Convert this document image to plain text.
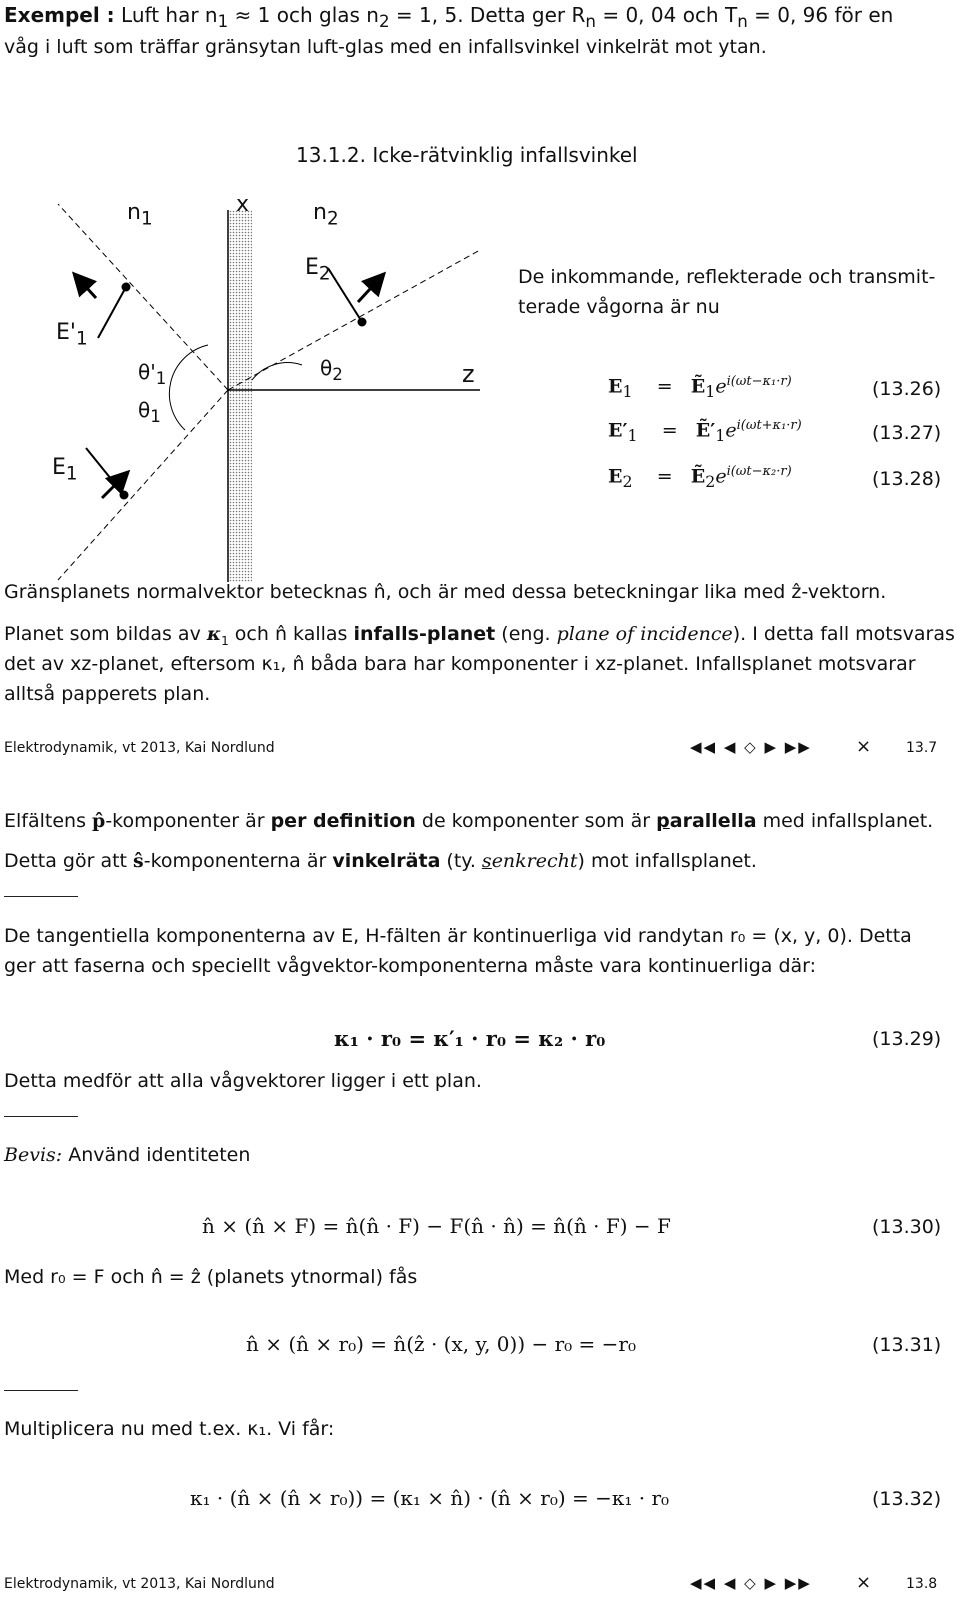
Exempel : Luft har $n_1 \approx 1$ och glas $n_2 = 1$, 5. Detta ger $R_n = 0$, 04 och $T_n = 0$, 96 för en
våg i luft som träffar gränsytan luft-glas med en infallsvinkel vinkelrät mot ytan.
13.1.2. Icke-rätvinklig infallsvinkel
$n_1$
x	$n_2$
$E_2$
$E'_1$
$E_1$
$\theta'_1$
$\theta_1$
$\theta_2$	z
De inkommande, reflekterade och transmit-
terade vågorna är nu
$E_1$    =   $Ẽ_1e^{i(\omega t-\kappa_1\cdot r)}$	(13.26)
$E'_1$    =   $Ẽ'_1e^{i(\omega t+\kappa_1\cdot r)}$	(13.27)
$E_2$    =   $Ẽ_2e^{i(\omega t-\kappa_2\cdot r)}$	(13.28)
Gränsplanets normalvektor betecknas n̂, och är med dessa beteckningar lika med ẑ-vektorn.
Planet som bildas av $\kappa_1$ och n̂ kallas infalls-planet (eng. plane of incidence). I detta fall motsvaras
det av xz-planet, eftersom κ₁, n̂ båda bara har komponenter i xz-planet. Infallsplanet motsvarar
alltså papperets plan.
Elektrodynamik, vt 2013, Kai Nordlund	◀◀ ◀ ◇ ▶ ▶▶ × 13.7
Elfältens p̂-komponenter är per definition de komponenter som är parallella med infallsplanet.
Detta gör att ŝ-komponenterna är vinkelräta (ty. senkrecht) mot infallsplanet.
De tangentiella komponenterna av E, H-fälten är kontinuerliga vid randytan r₀ = (x, y, 0). Detta
ger att faserna och speciellt vågvektor-komponenterna måste vara kontinuerliga där:
κ₁ · r₀ = κ′₁ · r₀ = κ₂ · r₀	(13.29)
Detta medför att alla vågvektorer ligger i ett plan.
Bevis: Använd identiteten
n̂ × (n̂ × F) = n̂(n̂ · F) − F(n̂ · n̂) = n̂(n̂ · F) − F	(13.30)
Med r₀ = F och n̂ = ẑ (planets ytnormal) fås
n̂ × (n̂ × r₀) = n̂(ẑ · (x, y, 0)) − r₀ = −r₀	(13.31)
Multiplicera nu med t.ex. κ₁. Vi får:
κ₁ · (n̂ × (n̂ × r₀)) = (κ₁ × n̂) · (n̂ × r₀) = −κ₁ · r₀	(13.32)
Elektrodynamik, vt 2013, Kai Nordlund	◀◀ ◀ ◇ ▶ ▶▶ × 13.8
